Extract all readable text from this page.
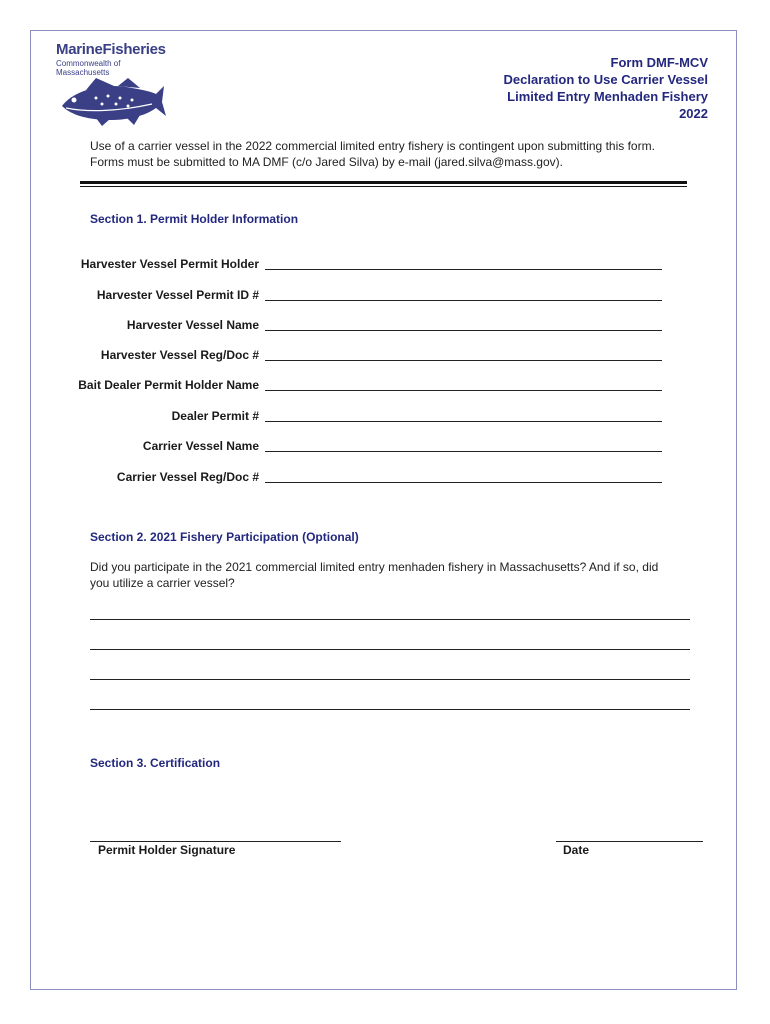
MarineFisheries
Commonwealth of Massachusetts
Form DMF-MCV
Declaration to Use Carrier Vessel
Limited Entry Menhaden Fishery
2022
Use of a carrier vessel in the 2022 commercial limited entry fishery is contingent upon submitting this form.
Forms must be submitted to MA DMF (c/o Jared Silva) by e-mail (jared.silva@mass.gov).
Section 1. Permit Holder Information
Harvester Vessel Permit Holder
Harvester Vessel Permit ID #
Harvester Vessel Name
Harvester Vessel Reg/Doc #
Bait Dealer Permit Holder Name
Dealer Permit #
Carrier Vessel Name
Carrier Vessel Reg/Doc #
Section 2. 2021 Fishery Participation (Optional)
Did you participate in the 2021 commercial limited entry menhaden fishery in Massachusetts? And if so, did
you utilize a carrier vessel?
Section 3. Certification
Permit Holder Signature	Date
